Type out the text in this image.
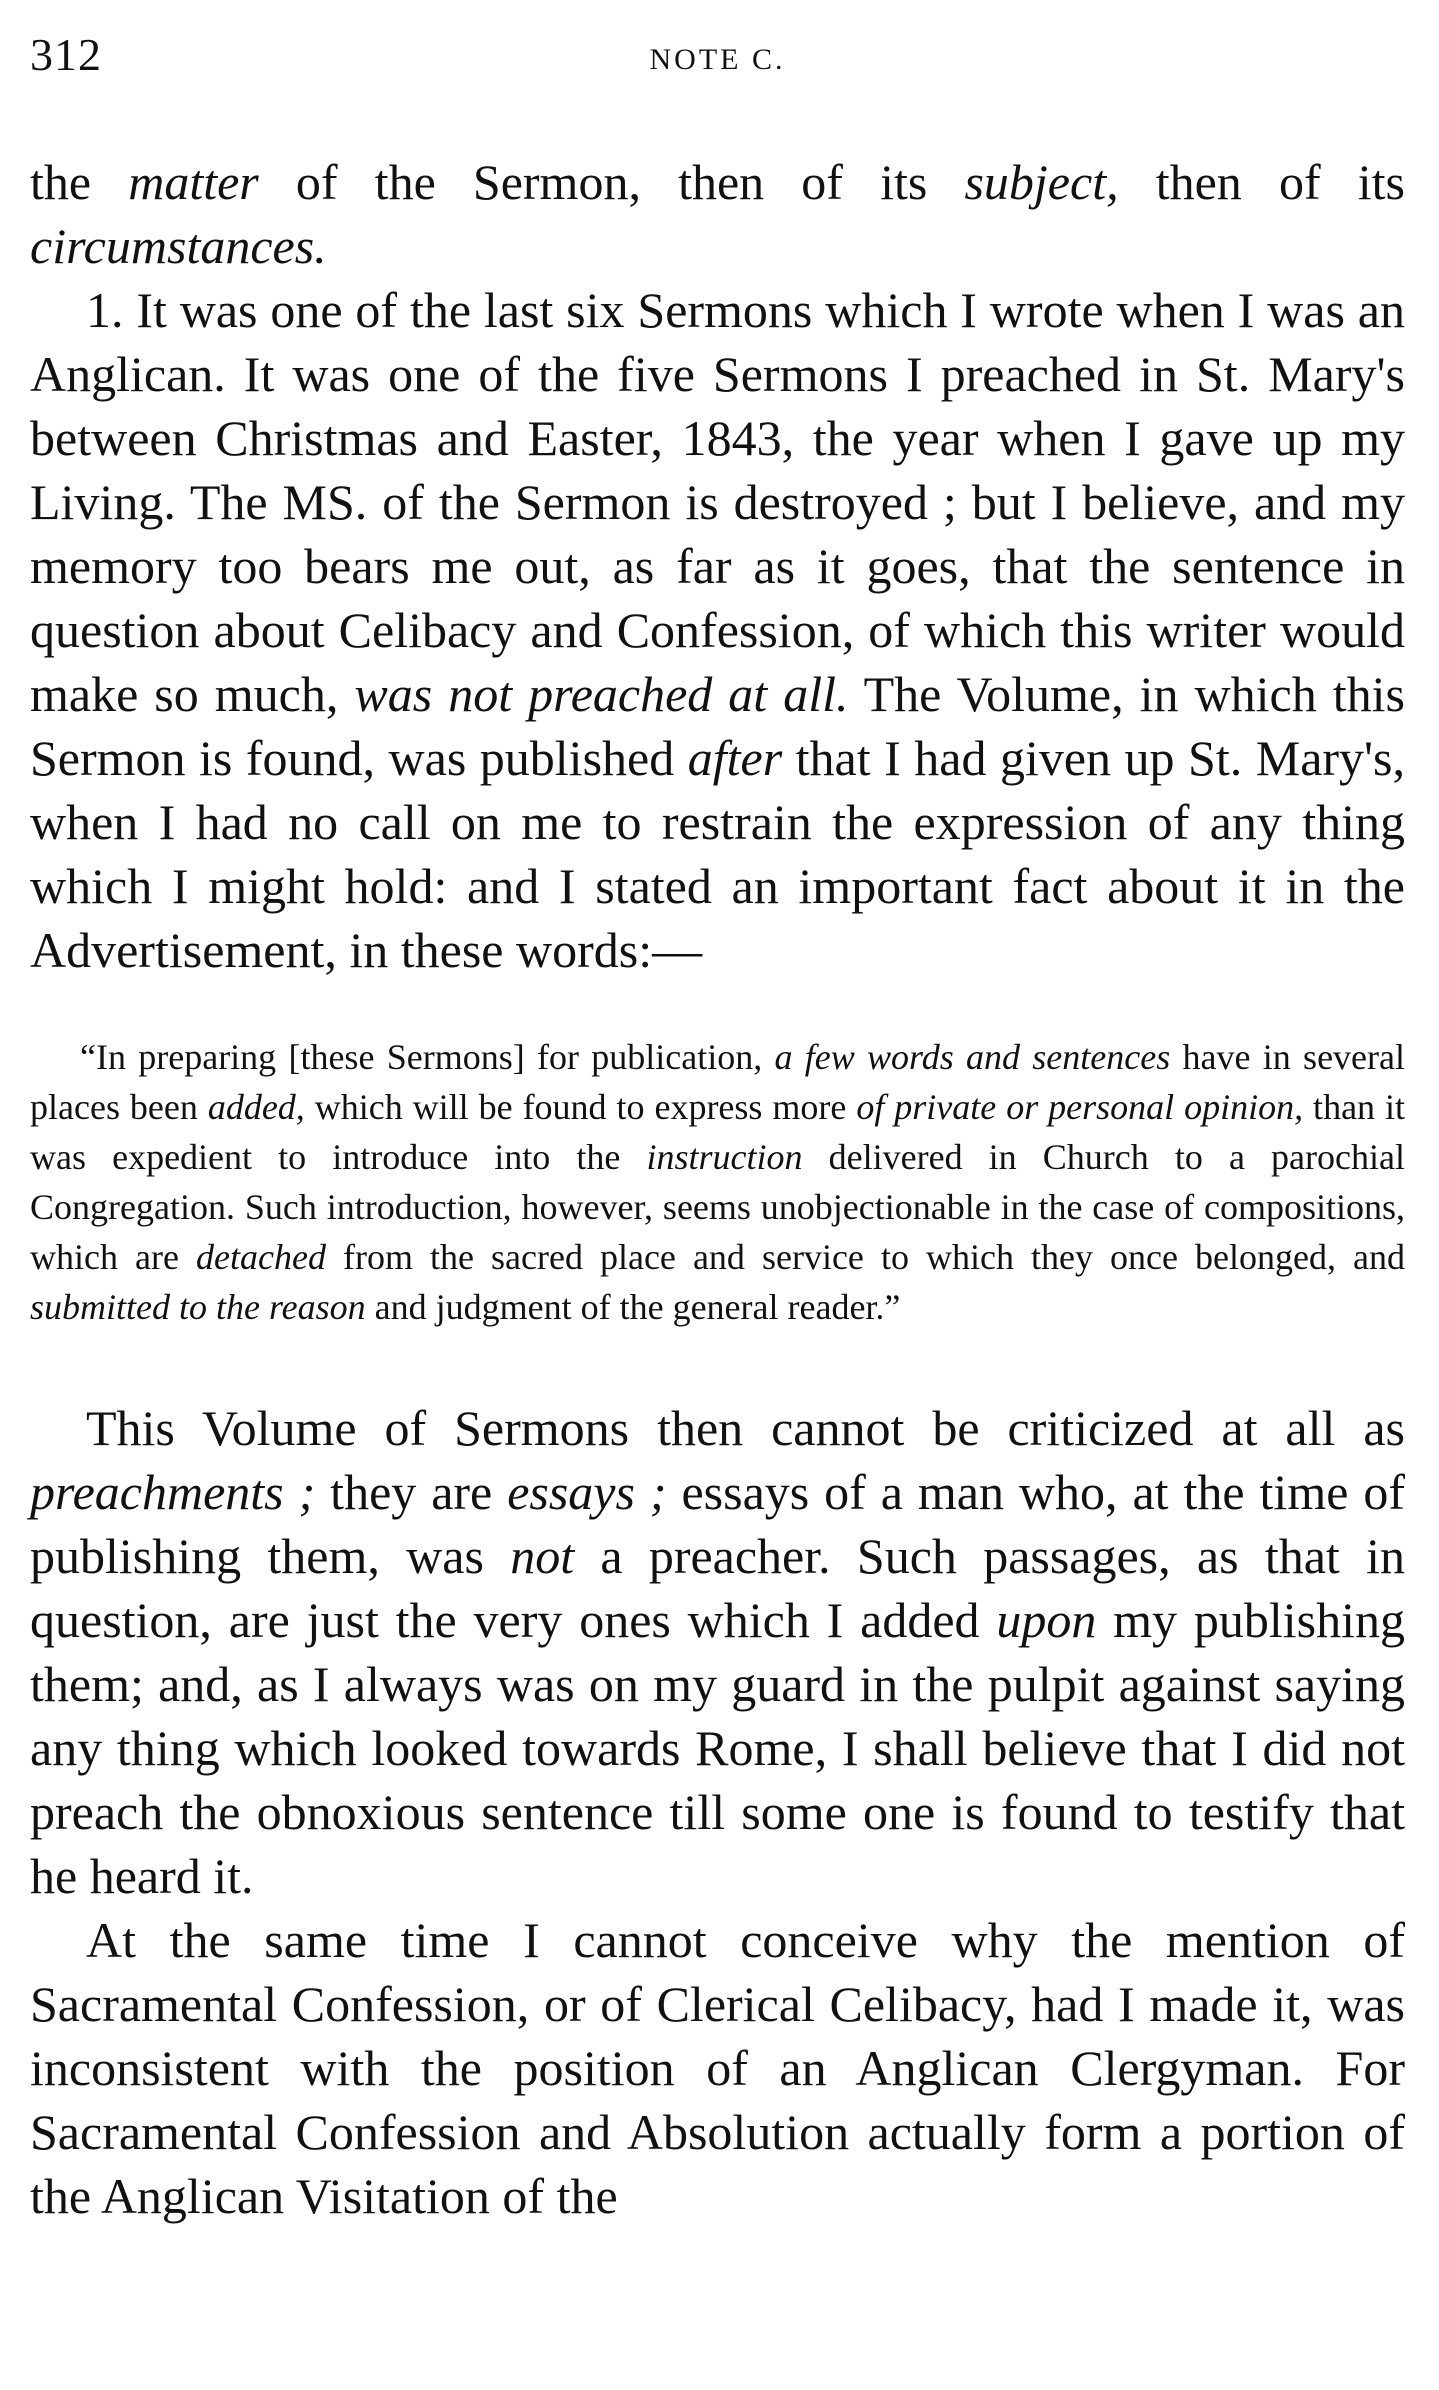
312	NOTE C.

the matter of the Sermon, then of its subject, then of its circumstances.

1. It was one of the last six Sermons which I wrote when I was an Anglican. It was one of the five Sermons I preached in St. Mary's between Christmas and Easter, 1843, the year when I gave up my Living. The MS. of the Sermon is destroyed ; but I believe, and my memory too bears me out, as far as it goes, that the sentence in question about Celibacy and Confession, of which this writer would make so much, was not preached at all. The Volume, in which this Sermon is found, was published after that I had given up St. Mary's, when I had no call on me to restrain the expression of any thing which I might hold: and I stated an important fact about it in the Advertisement, in these words:—

“In preparing [these Sermons] for publication, a few words and sentences have in several places been added, which will be found to express more of private or personal opinion, than it was expedient to introduce into the instruction delivered in Church to a parochial Congregation. Such introduction, however, seems unobjectionable in the case of compositions, which are detached from the sacred place and service to which they once belonged, and submitted to the reason and judgment of the general reader.”

This Volume of Sermons then cannot be criticized at all as preachments ; they are essays ; essays of a man who, at the time of publishing them, was not a preacher. Such passages, as that in question, are just the very ones which I added upon my publishing them; and, as I always was on my guard in the pulpit against saying any thing which looked towards Rome, I shall believe that I did not preach the obnoxious sentence till some one is found to testify that he heard it.

At the same time I cannot conceive why the mention of Sacramental Confession, or of Clerical Celibacy, had I made it, was inconsistent with the position of an Anglican Clergyman. For Sacramental Confession and Absolution actually form a portion of the Anglican Visitation of the
